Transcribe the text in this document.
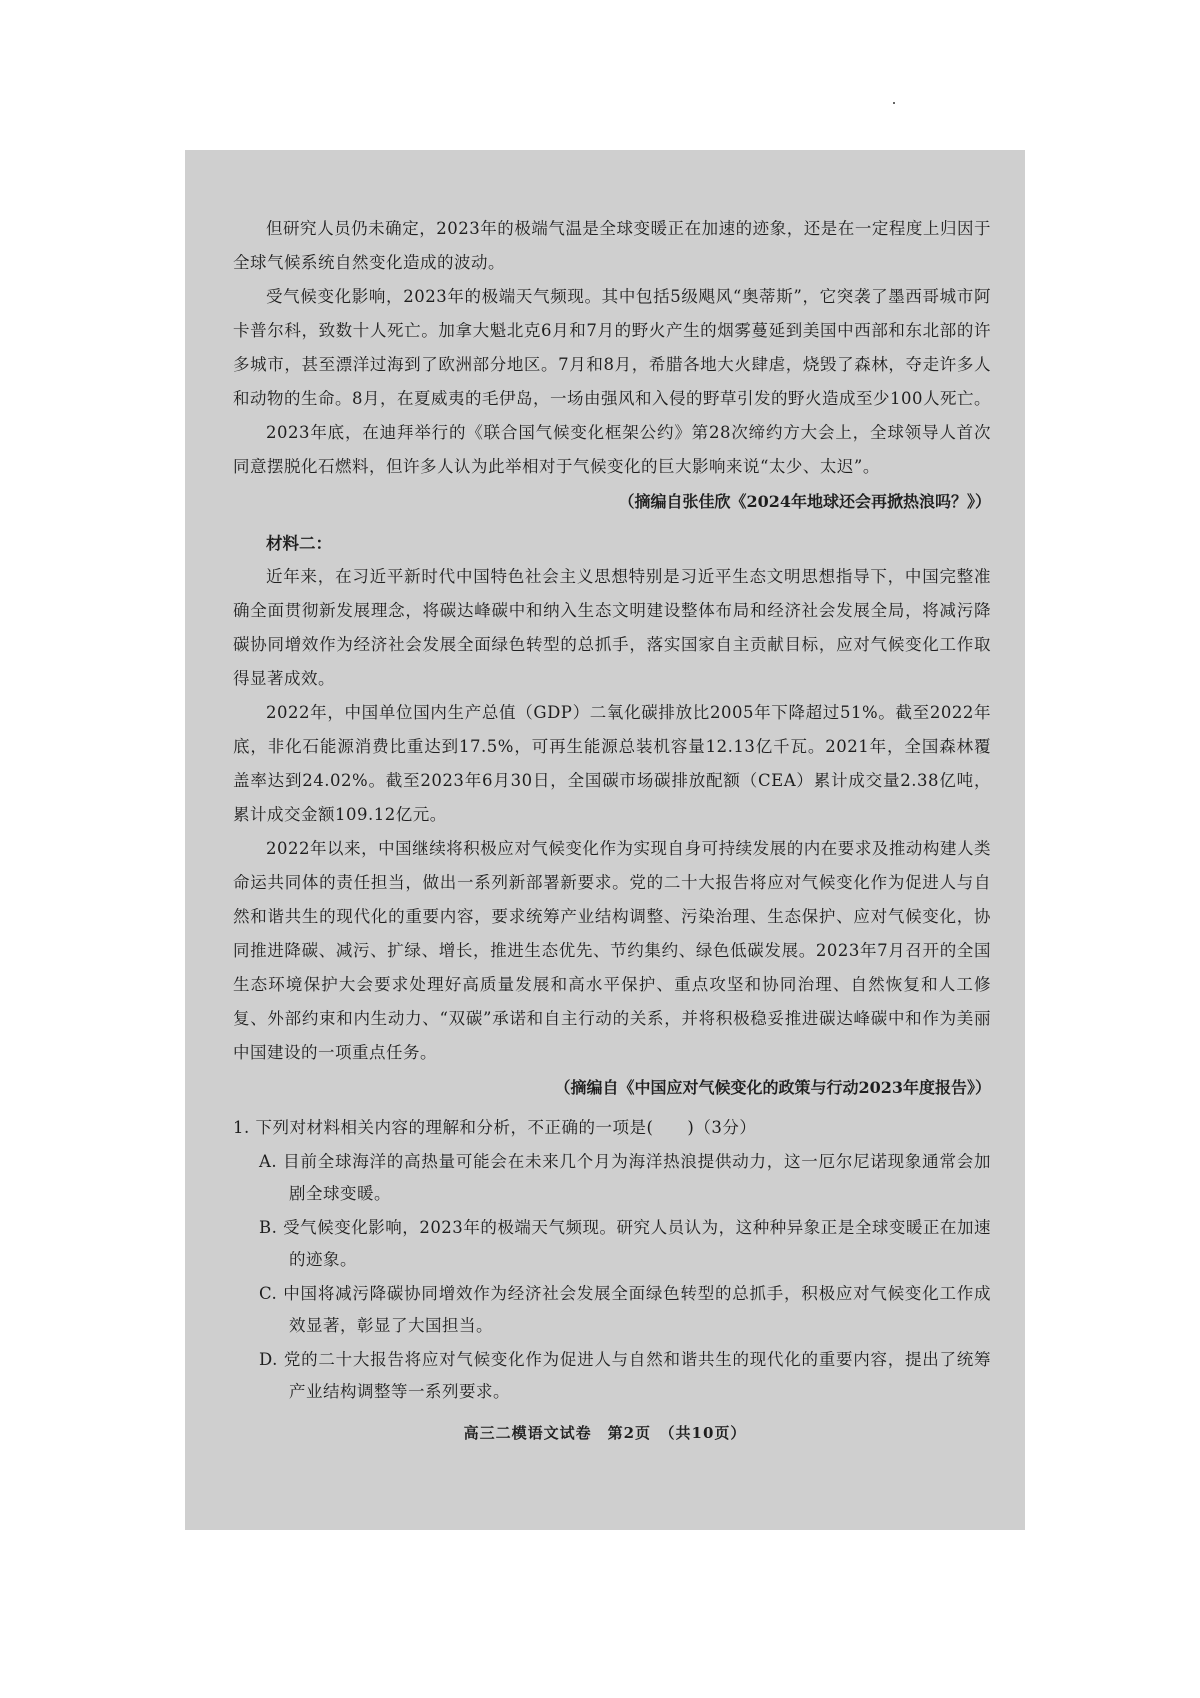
但研究人员仍未确定，2023年的极端气温是全球变暖正在加速的迹象，还是在一定程度上归因于全球气候系统自然变化造成的波动。

受气候变化影响，2023年的极端天气频现。其中包括5级飓风“奥蒂斯”，它突袭了墨西哥城市阿卡普尔科，致数十人死亡。加拿大魁北克6月和7月的野火产生的烟雾蔓延到美国中西部和东北部的许多城市，甚至漂洋过海到了欧洲部分地区。7月和8月，希腊各地大火肆虐，烧毁了森林，夺走许多人和动物的生命。8月，在夏威夷的毛伊岛，一场由强风和入侵的野草引发的野火造成至少100人死亡。

2023年底，在迪拜举行的《联合国气候变化框架公约》第28次缔约方大会上，全球领导人首次同意摆脱化石燃料，但许多人认为此举相对于气候变化的巨大影响来说“太少、太迟”。

（摘编自张佳欣《2024年地球还会再掀热浪吗？》）

材料二：

近年来，在习近平新时代中国特色社会主义思想特别是习近平生态文明思想指导下，中国完整准确全面贯彻新发展理念，将碳达峰碳中和纳入生态文明建设整体布局和经济社会发展全局，将减污降碳协同增效作为经济社会发展全面绿色转型的总抓手，落实国家自主贡献目标，应对气候变化工作取得显著成效。

2022年，中国单位国内生产总值（GDP）二氧化碳排放比2005年下降超过51%。截至2022年底，非化石能源消费比重达到17.5%，可再生能源总装机容量12.13亿千瓦。2021年，全国森林覆盖率达到24.02%。截至2023年6月30日，全国碳市场碳排放配额（CEA）累计成交量2.38亿吨，累计成交金额109.12亿元。

2022年以来，中国继续将积极应对气候变化作为实现自身可持续发展的内在要求及推动构建人类命运共同体的责任担当，做出一系列新部署新要求。党的二十大报告将应对气候变化作为促进人与自然和谐共生的现代化的重要内容，要求统筹产业结构调整、污染治理、生态保护、应对气候变化，协同推进降碳、减污、扩绿、增长，推进生态优先、节约集约、绿色低碳发展。2023年7月召开的全国生态环境保护大会要求处理好高质量发展和高水平保护、重点攻坚和协同治理、自然恢复和人工修复、外部约束和内生动力、“双碳”承诺和自主行动的关系，并将积极稳妥推进碳达峰碳中和作为美丽中国建设的一项重点任务。

（摘编自《中国应对气候变化的政策与行动2023年度报告》）

1. 下列对材料相关内容的理解和分析，不正确的一项是(　　)（3分）

A. 目前全球海洋的高热量可能会在未来几个月为海洋热浪提供动力，这一厄尔尼诺现象通常会加剧全球变暖。

B. 受气候变化影响，2023年的极端天气频现。研究人员认为，这种种异象正是全球变暖正在加速的迹象。

C. 中国将减污降碳协同增效作为经济社会发展全面绿色转型的总抓手，积极应对气候变化工作成效显著，彰显了大国担当。

D. 党的二十大报告将应对气候变化作为促进人与自然和谐共生的现代化的重要内容，提出了统筹产业结构调整等一系列要求。

高三二模语文试卷　第2页　（共10页）
